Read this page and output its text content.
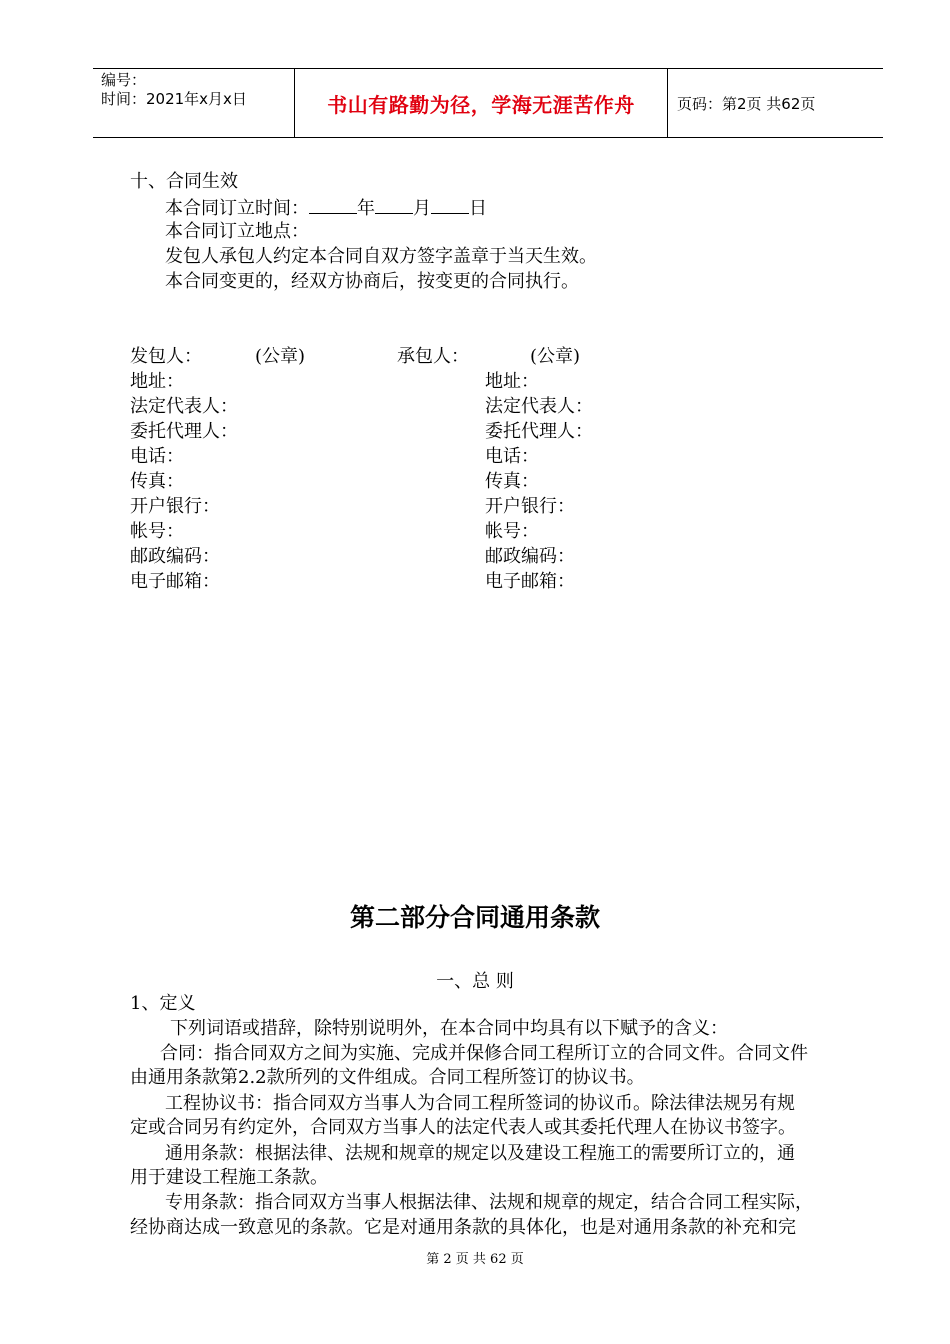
编号：
时间：2021年x月x日	书山有路勤为径，学海无涯苦作舟	页码：第2页 共62页
十、合同生效
本合同订立时间：	年 月 日
本合同订立地点：
发包人承包人约定本合同自双方签字盖章于当天生效。
本合同变更的，经双方协商后，按变更的合同执行。
发包人：	(公章)	承包人：	(公章)
地址：	地址：
法定代表人：	法定代表人：
委托代理人：	委托代理人：
电话：	电话：
传真：	传真：
开户银行：	开户银行：
帐号：	帐号：
邮政编码：	邮政编码：
电子邮箱：	电子邮箱：
第二部分合同通用条款
一、总 则
1、定义
下列词语或措辞，除特别说明外，在本合同中均具有以下赋予的含义：
合同：指合同双方之间为实施、完成并保修合同工程所订立的合同文件。合同文件
由通用条款第2.2款所列的文件组成。合同工程所签订的协议书。
工程协议书：指合同双方当事人为合同工程所签词的协议币。除法律法规另有规
定或合同另有约定外，合同双方当事人的法定代表人或其委托代理人在协议书签字。
通用条款：根据法律、法规和规章的规定以及建设工程施工的需要所订立的，通
用于建设工程施工条款。
专用条款：指合同双方当事人根据法律、法规和规章的规定，结合合同工程实际，
经协商达成一致意见的条款。它是对通用条款的具体化，也是对通用条款的补充和完
第 2 页 共 62 页
